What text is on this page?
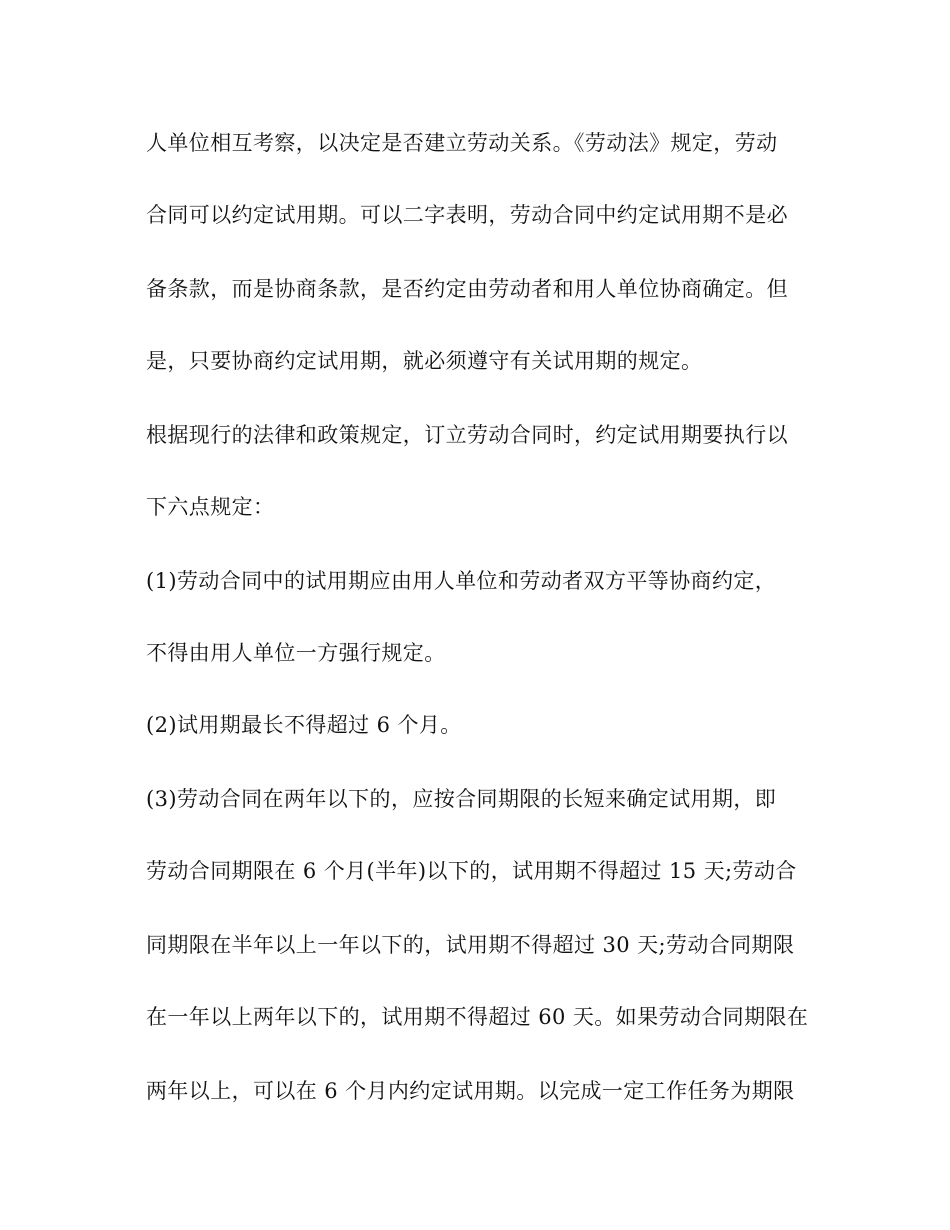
人单位相互考察，以决定是否建立劳动关系。《劳动法》规定，劳动
合同可以约定试用期。可以二字表明，劳动合同中约定试用期不是必
备条款，而是协商条款，是否约定由劳动者和用人单位协商确定。但
是，只要协商约定试用期，就必须遵守有关试用期的规定。
根据现行的法律和政策规定，订立劳动合同时，约定试用期要执行以
下六点规定：
(1)劳动合同中的试用期应由用人单位和劳动者双方平等协商约定，
不得由用人单位一方强行规定。
(2)试用期最长不得超过 6 个月。
(3)劳动合同在两年以下的，应按合同期限的长短来确定试用期，即
劳动合同期限在 6 个月(半年)以下的，试用期不得超过 15 天;劳动合
同期限在半年以上一年以下的，试用期不得超过 30 天;劳动合同期限
在一年以上两年以下的，试用期不得超过 60 天。如果劳动合同期限在
两年以上，可以在 6 个月内约定试用期。以完成一定工作任务为期限
